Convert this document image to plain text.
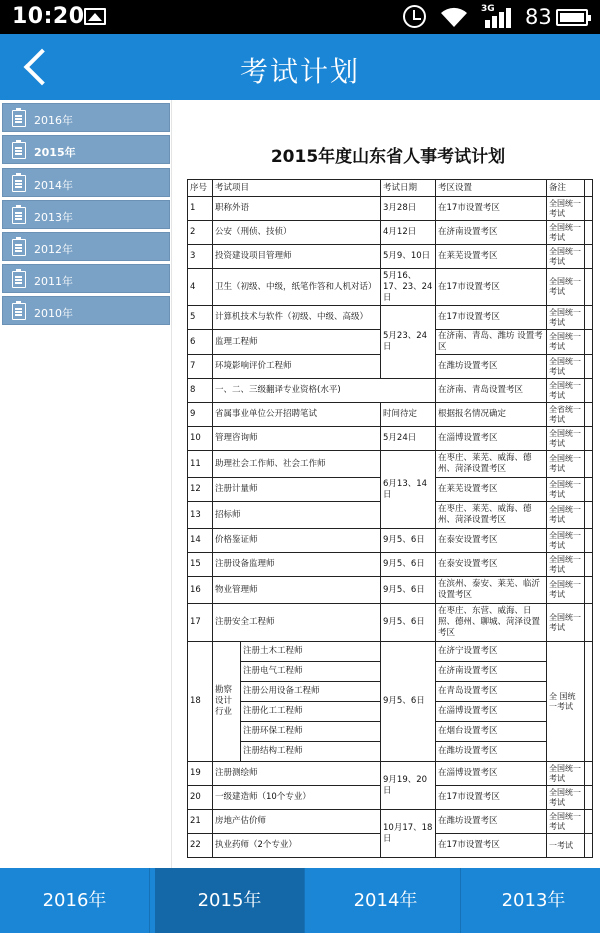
10:20	3G 83
考试计划
2016年
2015年
2014年
2013年
2012年
2011年
2010年
2015年度山东省人事考试计划
序号	考试项目		考试日期	考区设置	备注	
1	职称外语		3月28日	在17市设置考区	全国统一考试	
2	公安（刑侦、技侦）		4月12日	在济南设置考区	全国统一考试	
3	投资建设项目管理师		5月9、10日	在莱芜设置考区	全国统一考试	
4	卫生（初级、中级，纸笔作答和人机对话）		5月16、17、23、24日	在17市设置考区	全国统一考试	
5	计算机技术与软件（初级、中级、高级）		5月23、24日	在17市设置考区	全国统一考试	
6	监理工程师			在济南、青岛、潍坊 设置考区	全国统一考试	
7	环境影响评价工程师			在潍坊设置考区	全国统一考试	
8	一、二、三级翻译专业资格(水平)			在济南、青岛设置考区	全国统一考试	
9	省属事业单位公开招聘笔试		时间待定	根据报名情况确定	全省统一考试	
10	管理咨询师		5月24日	在淄博设置考区	全国统一考试	
11	助理社会工作师、社会工作师		6月13、14日	在枣庄、莱芜、威海、德州、菏泽设置考区	全国统一考试	
12	注册计量师			在莱芜设置考区	全国统一考试	
13	招标师			在枣庄、莱芜、威海、德州、菏泽设置考区	全国统一考试	
14	价格鉴证师		9月5、6日	在泰安设置考区	全国统一考试	
15	注册设备监理师		9月5、6日	在泰安设置考区	全国统一考试	
16	物业管理师		9月5、6日	在滨州、泰安、莱芜、临沂设置考区	全国统一考试	
17	注册安全工程师		9月5、6日	在枣庄、东营、威海、日照、德州、聊城、菏泽设置考区	全国统一考试	
18	勘察设计行业	注册土木工程师	9月5、6日	在济宁设置考区	全 国统一考试	
		注册电气工程师		在济南设置考区		
		注册公用设备工程师		在青岛设置考区		
		注册化工工程师		在淄博设置考区		
		注册环保工程师		在烟台设置考区		
		注册结构工程师		在潍坊设置考区		
19	注册测绘师		9月19、20日	在淄博设置考区	全国统一考试	
20	一级建造师（10个专业）			在17市设置考区	全国统一考试	
21	房地产估价师		10月17、18日	在潍坊设置考区	全国统一考试	
22	执业药师（2个专业）			在17市设置考区	一考试	
2016年	2015年	2014年	2013年
